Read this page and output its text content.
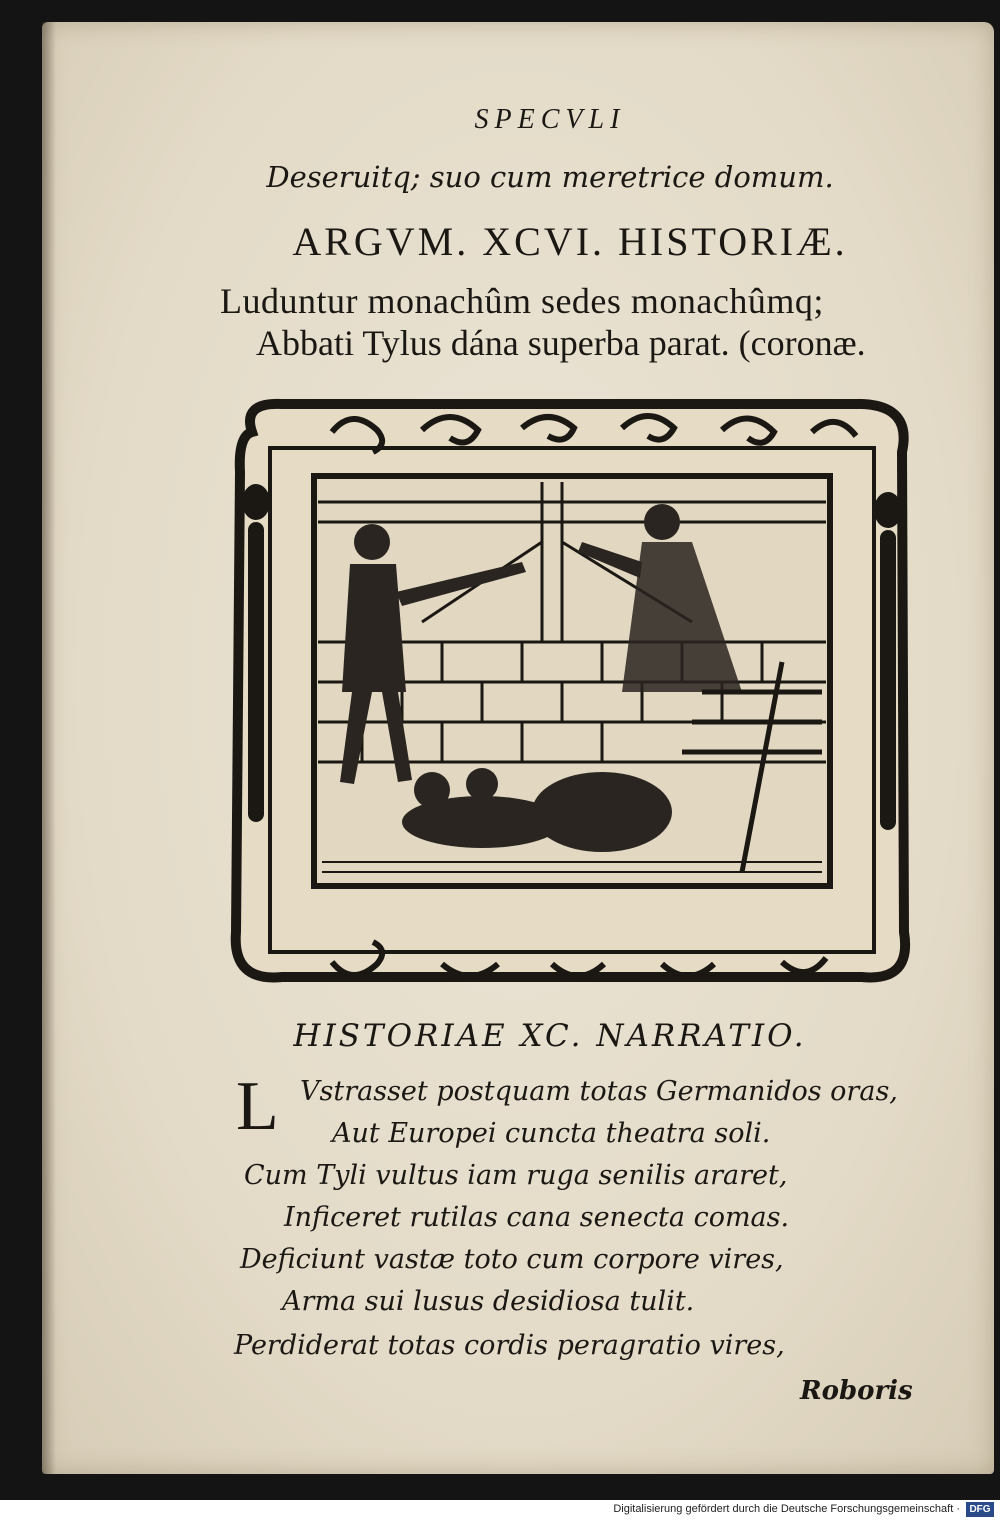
SPECVLI
Deseruitq; suo cum meretrice domum.
ARGVM. XCVI. HISTORIÆ.
Luduntur monachûm sedes monachûmq;
Abbati Tylus dána superba parat. (coronæ.
HISTORIAE XC. NARRATIO.
L Vstrasset postquam totas Germanidos oras,
Aut Europei cuncta theatra soli.
Cum Tyli vultus iam ruga senilis araret,
Inficeret rutilas cana senecta comas.
Deficiunt vastæ toto cum corpore vires,
Arma sui lusus desidiosa tulit.
Perdiderat totas cordis peragratio vires,
Roboris
Digitalisierung gefördert durch die Deutsche Forschungsgemeinschaft · DFG
